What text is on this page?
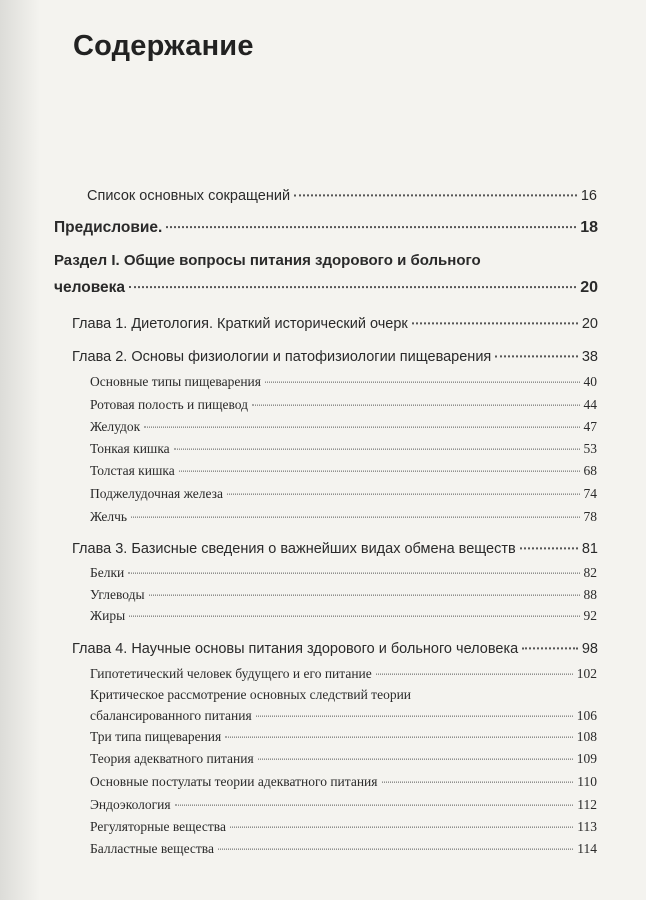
Содержание
Список основных сокращений	16
Предисловие.	18
Раздел I. Общие вопросы питания здорового и больного
человека	20
Глава 1. Диетология. Краткий исторический очерк	20
Глава 2. Основы физиологии и патофизиологии пищеварения	38
Основные типы пищеварения	40
Ротовая полость и пищевод	44
Желудок	47
Тонкая кишка	53
Толстая кишка	68
Поджелудочная железа	74
Желчь	78
Глава 3. Базисные сведения о важнейших видах обмена веществ	81
Белки	82
Углеводы	88
Жиры	92
Глава 4. Научные основы питания здорового и больного человека	98
Гипотетический человек будущего и его питание	102
Критическое рассмотрение основных следствий теории
сбалансированного питания	106
Три типа пищеварения	108
Теория адекватного питания	109
Основные постулаты теории адекватного питания	110
Эндоэкология	112
Регуляторные вещества	113
Балластные вещества	114
